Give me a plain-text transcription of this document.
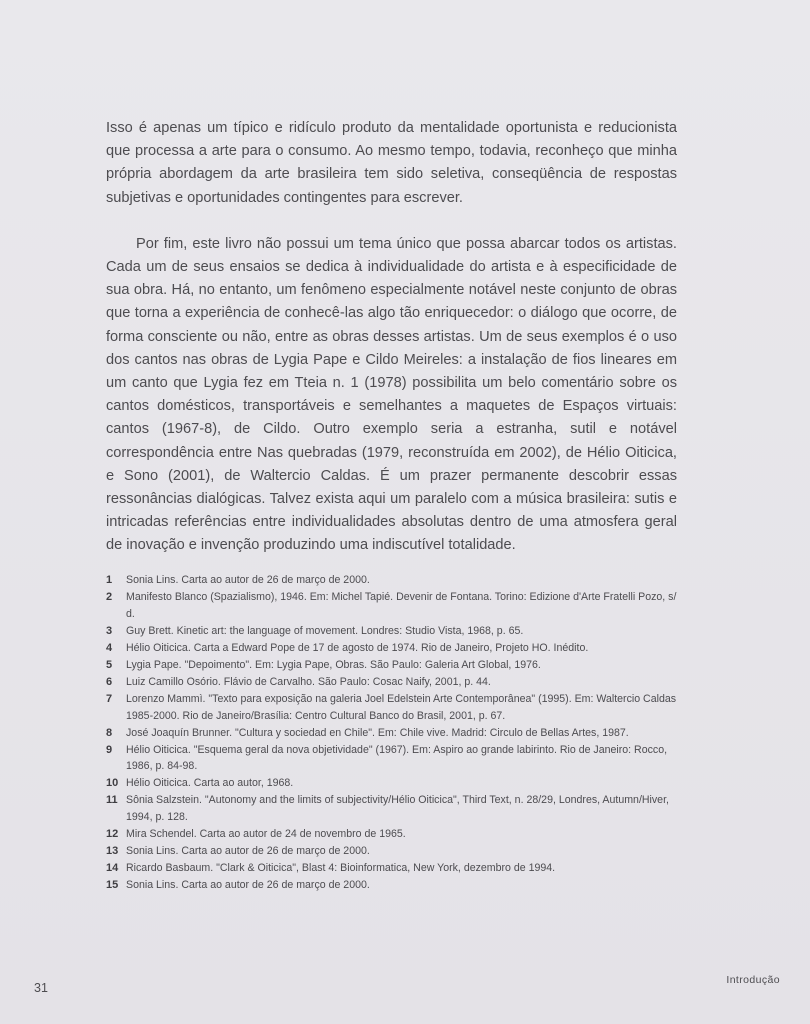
Isso é apenas um típico e ridículo produto da mentalidade oportunista e reducionista que processa a arte para o consumo. Ao mesmo tempo, todavia, reconheço que minha própria abordagem da arte brasileira tem sido seletiva, conseqüência de respostas subjetivas e oportunidades contingentes para escrever.

Por fim, este livro não possui um tema único que possa abarcar todos os artistas. Cada um de seus ensaios se dedica à individualidade do artista e à especificidade de sua obra. Há, no entanto, um fenômeno especialmente notável neste conjunto de obras que torna a experiência de conhecê-las algo tão enriquecedor: o diálogo que ocorre, de forma consciente ou não, entre as obras desses artistas. Um de seus exemplos é o uso dos cantos nas obras de Lygia Pape e Cildo Meireles: a instalação de fios lineares em um canto que Lygia fez em Tteia n. 1 (1978) possibilita um belo comentário sobre os cantos domésticos, transportáveis e semelhantes a maquetes de Espaços virtuais: cantos (1967-8), de Cildo. Outro exemplo seria a estranha, sutil e notável correspondência entre Nas quebradas (1979, reconstruída em 2002), de Hélio Oiticica, e Sono (2001), de Waltercio Caldas. É um prazer permanente descobrir essas ressonâncias dialógicas. Talvez exista aqui um paralelo com a música brasileira: sutis e intricadas referências entre individualidades absolutas dentro de uma atmosfera geral de inovação e invenção produzindo uma indiscutível totalidade.

1	Sonia Lins. Carta ao autor de 26 de março de 2000.
2	Manifesto Blanco (Spazialismo), 1946. Em: Michel Tapié. Devenir de Fontana. Torino: Edizione d'Arte Fratelli Pozo, s/ d.
3	Guy Brett. Kinetic art: the language of movement. Londres: Studio Vista, 1968, p. 65.
4	Hélio Oiticica. Carta a Edward Pope de 17 de agosto de 1974. Rio de Janeiro, Projeto HO. Inédito.
5	Lygia Pape. "Depoimento". Em: Lygia Pape, Obras. São Paulo: Galeria Art Global, 1976.
6	Luiz Camillo Osório. Flávio de Carvalho. São Paulo: Cosac Naify, 2001, p. 44.
7	Lorenzo Mammì. "Texto para exposição na galeria Joel Edelstein Arte Contemporânea" (1995). Em: Waltercio Caldas 1985-2000. Rio de Janeiro/Brasília: Centro Cultural Banco do Brasil, 2001, p. 67.
8	José Joaquín Brunner. "Cultura y sociedad en Chile". Em: Chile vive. Madrid: Circulo de Bellas Artes, 1987.
9	Hélio Oiticica. "Esquema geral da nova objetividade" (1967). Em: Aspiro ao grande labirinto. Rio de Janeiro: Rocco, 1986, p. 84-98.
10 Hélio Oiticica. Carta ao autor, 1968.
11 Sônia Salzstein. "Autonomy and the limits of subjectivity/Hélio Oiticica", Third Text, n. 28/29, Londres, Autumn/Hiver, 1994, p. 128.
12 Mira Schendel. Carta ao autor de 24 de novembro de 1965.
13 Sonia Lins. Carta ao autor de 26 de março de 2000.
14 Ricardo Basbaum. "Clark & Oiticica", Blast 4: Bioinformatica, New York, dezembro de 1994.
15 Sonia Lins. Carta ao autor de 26 de março de 2000.
31
Introdução
